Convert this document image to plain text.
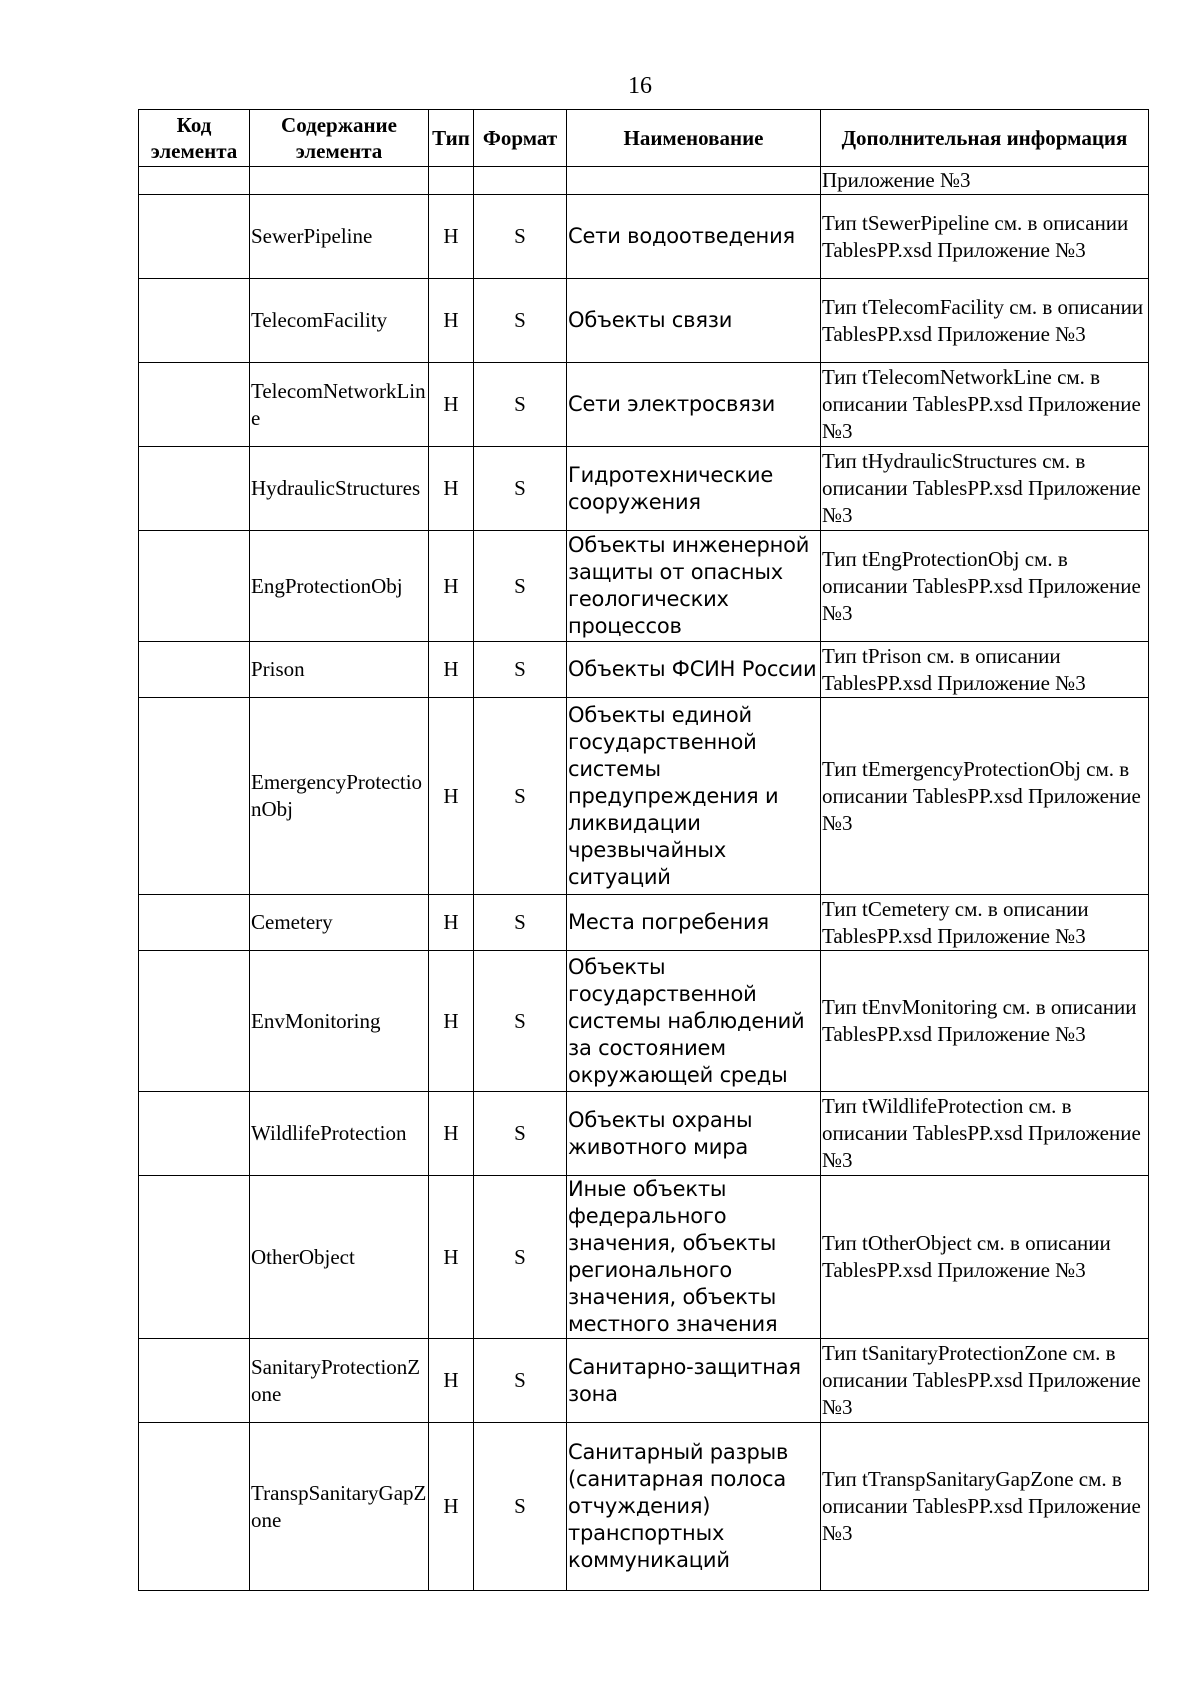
16
Код элемента	Содержание элемента	Тип	Формат	Наименование	Дополнительная информация
					Приложение №3
	SewerPipeline	Н	S	Сети водоотведения	Тип tSewerPipeline см. в описании TablesPP.xsd Приложение №3
	TelecomFacility	Н	S	Объекты связи	Тип tTelecomFacility см. в описании TablesPP.xsd Приложение №3
	TelecomNetworkLine	Н	S	Сети электросвязи	Тип tTelecomNetworkLine см. в описании TablesPP.xsd Приложение №3
	HydraulicStructures	Н	S	Гидротехнические сооружения	Тип tHydraulicStructures см. в описании TablesPP.xsd Приложение №3
	EngProtectionObj	Н	S	Объекты инженерной защиты от опасных геологических процессов	Тип tEngProtectionObj см. в описании TablesPP.xsd Приложение №3
	Prison	Н	S	Объекты ФСИН России	Тип tPrison см. в описании TablesPP.xsd Приложение №3
	EmergencyProtectionObj	Н	S	Объекты единой государственной системы предупреждения и ликвидации чрезвычайных ситуаций	Тип tEmergencyProtectionObj см. в описании TablesPP.xsd Приложение №3
	Cemetery	Н	S	Места погребения	Тип tCemetery см. в описании TablesPP.xsd Приложение №3
	EnvMonitoring	Н	S	Объекты государственной системы наблюдений за состоянием окружающей среды	Тип tEnvMonitoring см. в описании TablesPP.xsd Приложение №3
	WildlifeProtection	Н	S	Объекты охраны животного мира	Тип tWildlifeProtection см. в описании TablesPP.xsd Приложение №3
	OtherObject	Н	S	Иные объекты федерального значения, объекты регионального значения, объекты местного значения	Тип tOtherObject см. в описании TablesPP.xsd Приложение №3
	SanitaryProtectionZone	Н	S	Санитарно-защитная зона	Тип tSanitaryProtectionZone см. в описании TablesPP.xsd Приложение №3
	TranspSanitaryGapZone	Н	S	Санитарный разрыв (санитарная полоса отчуждения) транспортных коммуникаций	Тип tTranspSanitaryGapZone см. в описании TablesPP.xsd Приложение №3
